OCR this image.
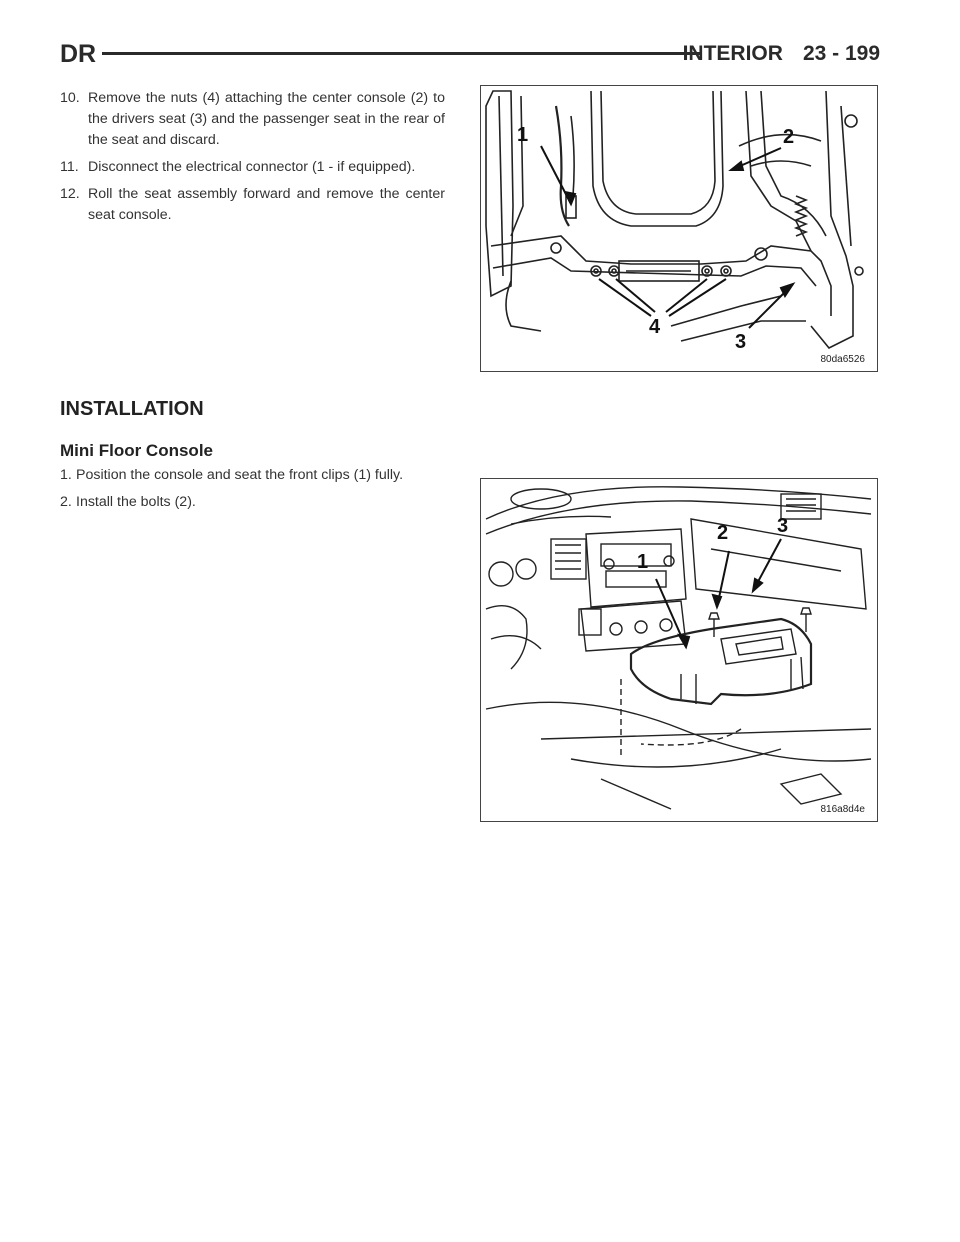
DR	INTERIOR 23 - 199
10. Remove the nuts (4) attaching the center console (2) to the drivers seat (3) and the passenger seat in the rear of the seat and discard.
11. Disconnect the electrical connector (1 - if equipped).
12. Roll the seat assembly forward and remove the center seat console.
1	2
3
4
80da6526
INSTALLATION
Mini Floor Console
1. Position the console and seat the front clips (1) fully.
2. Install the bolts (2).
1
2 3
816a8d4e
